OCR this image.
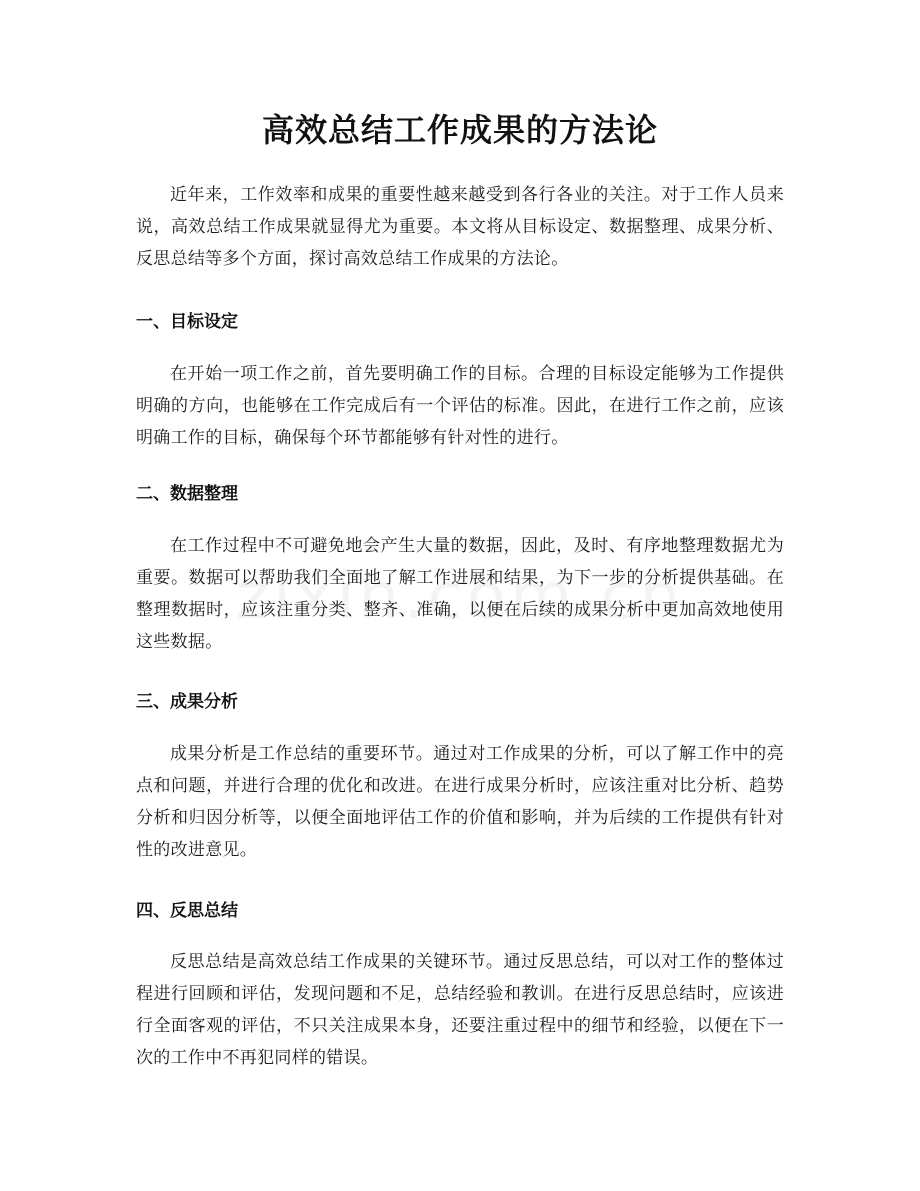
高效总结工作成果的方法论

近年来，工作效率和成果的重要性越来越受到各行各业的关注。对于工作人员来说，高效总结工作成果就显得尤为重要。本文将从目标设定、数据整理、成果分析、反思总结等多个方面，探讨高效总结工作成果的方法论。

一、目标设定

在开始一项工作之前，首先要明确工作的目标。合理的目标设定能够为工作提供明确的方向，也能够在工作完成后有一个评估的标准。因此，在进行工作之前，应该明确工作的目标，确保每个环节都能够有针对性的进行。

二、数据整理

在工作过程中不可避免地会产生大量的数据，因此，及时、有序地整理数据尤为重要。数据可以帮助我们全面地了解工作进展和结果，为下一步的分析提供基础。在整理数据时，应该注重分类、整齐、准确，以便在后续的成果分析中更加高效地使用这些数据。

三、成果分析

成果分析是工作总结的重要环节。通过对工作成果的分析，可以了解工作中的亮点和问题，并进行合理的优化和改进。在进行成果分析时，应该注重对比分析、趋势分析和归因分析等，以便全面地评估工作的价值和影响，并为后续的工作提供有针对性的改进意见。

四、反思总结

反思总结是高效总结工作成果的关键环节。通过反思总结，可以对工作的整体过程进行回顾和评估，发现问题和不足，总结经验和教训。在进行反思总结时，应该进行全面客观的评估，不只关注成果本身，还要注重过程中的细节和经验，以便在下一次的工作中不再犯同样的错误。
